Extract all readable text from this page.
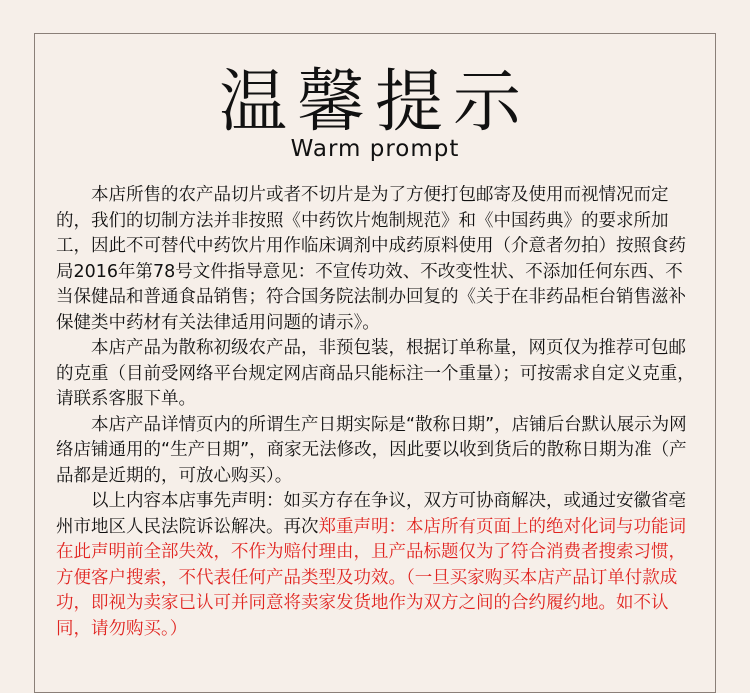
温馨提示
Warm prompt

本店所售的农产品切片或者不切片是为了方便打包邮寄及使用而视情况而定的，我们的切制方法并非按照《中药饮片炮制规范》和《中国药典》的要求所加工，因此不可替代中药饮片用作临床调剂中成药原料使用（介意者勿拍）按照食药局2016年第78号文件指导意见：不宣传功效、不改变性状、不添加任何东西、不当保健品和普通食品销售；符合国务院法制办回复的《关于在非药品柜台销售滋补保健类中药材有关法律适用问题的请示》。

本店产品为散称初级农产品，非预包装，根据订单称量，网页仅为推荐可包邮的克重（目前受网络平台规定网店商品只能标注一个重量）；可按需求自定义克重，请联系客服下单。

本店产品详情页内的所谓生产日期实际是“散称日期”，店铺后台默认展示为网络店铺通用的“生产日期”，商家无法修改，因此要以收到货后的散称日期为准（产品都是近期的，可放心购买）。

以上内容本店事先声明：如买方存在争议，双方可协商解决，或通过安徽省亳州市地区人民法院诉讼解决。再次郑重声明：本店所有页面上的绝对化词与功能词在此声明前全部失效，不作为赔付理由，且产品标题仅为了符合消费者搜索习惯，方便客户搜索，不代表任何产品类型及功效。（一旦买家购买本店产品订单付款成功，即视为卖家已认可并同意将卖家发货地作为双方之间的合约履约地。如不认同，请勿购买。）
